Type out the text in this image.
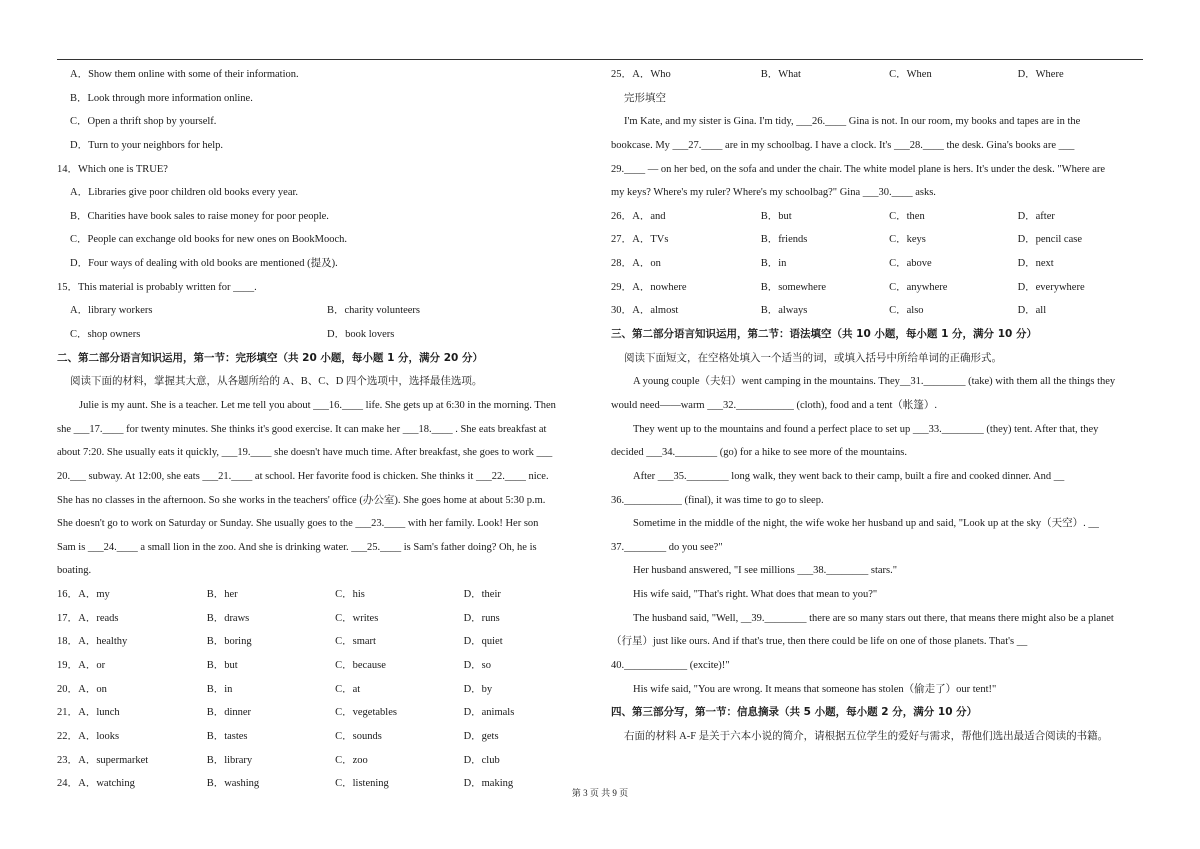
A．Show them online with some of their information.
B．Look through more information online.
C．Open a thrift shop by yourself.
D．Turn to your neighbors for help.
14．Which one is TRUE?
A．Libraries give poor children old books every year.
B．Charities have book sales to raise money for poor people.
C．People can exchange old books for new ones on BookMooch.
D．Four ways of dealing with old books are mentioned (提及).
15．This material is probably written for ____.
A．library workers	B．charity volunteers
C．shop owners	D．book lovers
二、第二部分语言知识运用，第一节：完形填空（共 20 小题，每小题 1 分，满分 20 分）
阅读下面的材料，掌握其大意，从各题所给的 A、B、C、D 四个选项中，选择最佳选项。
Julie is my aunt. She is a teacher. Let me tell you about ___16.____ life. She gets up at 6:30 in the morning. Then
she ___17.____ for twenty minutes. She thinks it's good exercise. It can make her ___18.____ . She eats breakfast at
about 7:20. She usually eats it quickly, ___19.____ she doesn't have much time. After breakfast, she goes to work ___
20.___ subway. At 12:00, she eats ___21.____ at school. Her favorite food is chicken. She thinks it ___22.____ nice.
She has no classes in the afternoon. So she works in the teachers' office (办公室). She goes home at about 5:30 p.m.
She doesn't go to work on Saturday or Sunday. She usually goes to the ___23.____ with her family. Look! Her son
Sam is ___24.____ a small lion in the zoo. And she is drinking water. ___25.____ is Sam's father doing? Oh, he is
boating.
16． A．my	B．her	C．his	D．their
17． A．reads	B．draws	C．writes	D．runs
18． A．healthy	B．boring	C．smart	D．quiet
19． A．or	B．but	C．because	D．so
20． A．on	B．in	C．at	D．by
21． A．lunch	B．dinner	C．vegetables	D．animals
22． A．looks	B．tastes	C．sounds	D．gets
23． A．supermarket	B．library	C．zoo	D．club
24． A．watching	B．washing	C．listening	D．making
25． A．Who	B．What	C．When	D．Where
完形填空
I'm Kate, and my sister is Gina. I'm tidy, ___26.____ Gina is not. In our room, my books and tapes are in the
bookcase. My ___27.____ are in my schoolbag. I have a clock. It's ___28.____ the desk. Gina's books are ___
29.____ — on her bed, on the sofa and under the chair. The white model plane is hers. It's under the desk. "Where are
my keys? Where's my ruler? Where's my schoolbag?" Gina ___30.____ asks.
26． A．and	B．but	C．then	D．after
27． A．TVs	B．friends	C．keys	D．pencil case
28． A．on	B．in	C．above	D．next
29． A．nowhere	B．somewhere	C．anywhere	D．everywhere
30． A．almost	B．always	C．also	D．all
三、第二部分语言知识运用，第二节：语法填空（共 10 小题，每小题 1 分，满分 10 分）
阅读下面短文，在空格处填入一个适当的词，或填入括号中所给单词的正确形式。
A young couple（夫妇）went camping in the mountains. They__31.________ (take) with them all the things they
would need——warm ___32.___________ (cloth), food and a tent（帐篷）.
They went up to the mountains and found a perfect place to set up ___33.________ (they) tent. After that, they
decided ___34.________ (go) for a hike to see more of the mountains.
After ___35.________ long walk, they went back to their camp, built a fire and cooked dinner. And __
36.___________ (final), it was time to go to sleep.
Sometime in the middle of the night, the wife woke her husband up and said, "Look up at the sky（天空）. __
37.________ do you see?"
Her husband answered, "I see millions ___38.________ stars."
His wife said, "That's right. What does that mean to you?"
The husband said, "Well, __39.________ there are so many stars out there, that means there might also be a planet
（行星）just like ours. And if that's true, then there could be life on one of those planets. That's __
40.____________ (excite)!"
His wife said, "You are wrong. It means that someone has stolen（偷走了）our tent!"
四、第三部分写，第一节：信息摘录（共 5 小题，每小题 2 分，满分 10 分）
右面的材料 A-F 是关于六本小说的简介，请根据五位学生的爱好与需求，帮他们选出最适合阅读的书籍。
第 3 页 共 9 页
